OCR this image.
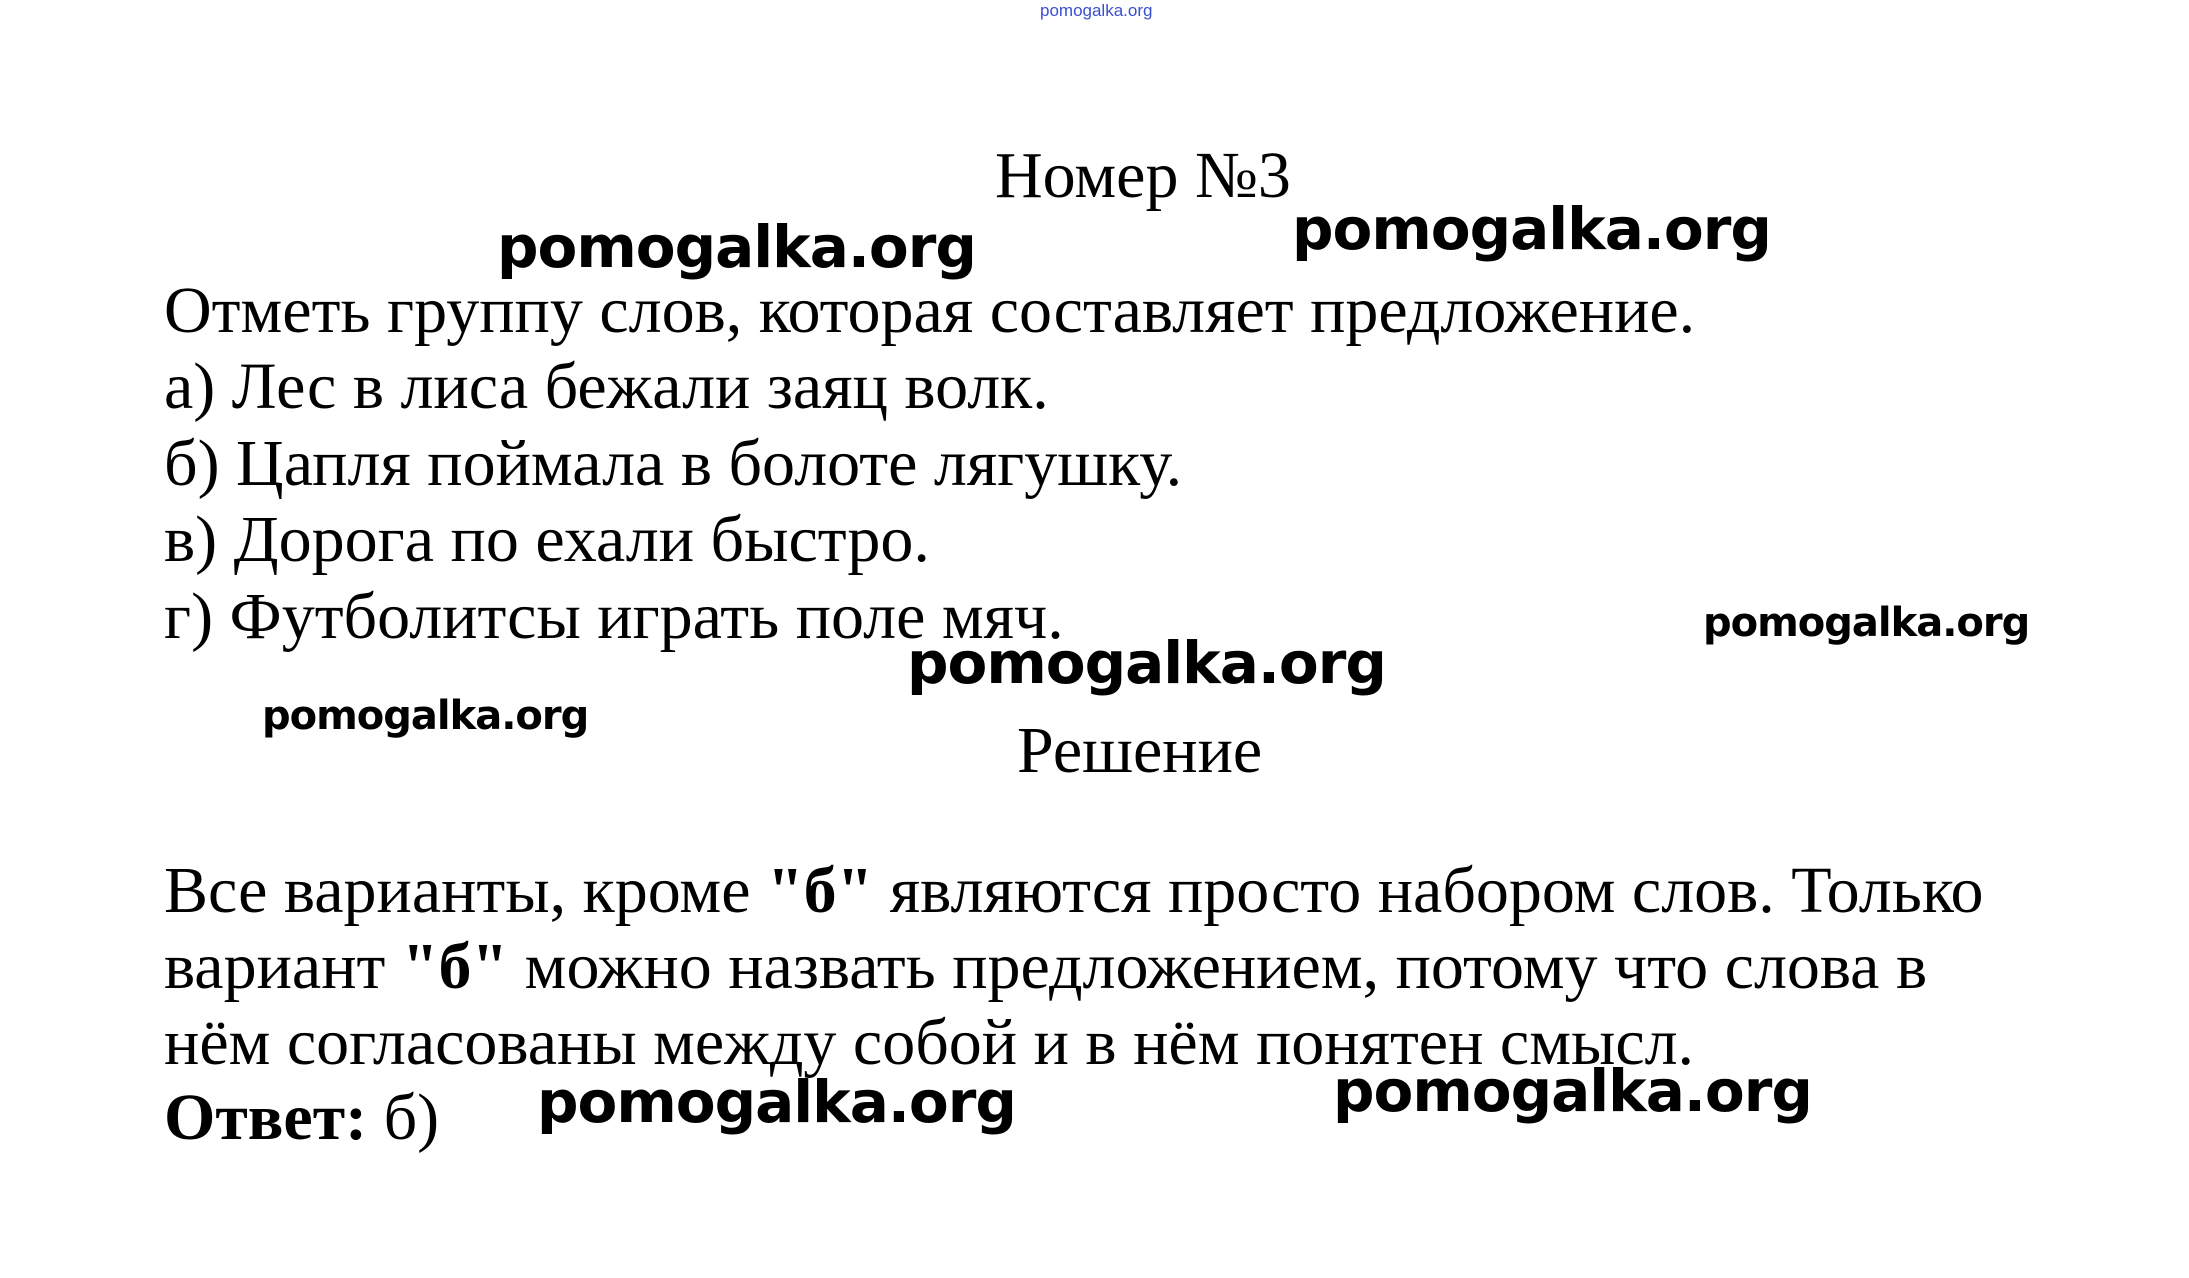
pomogalka.org
Номер №3
Отметь группу слов, которая составляет предложение.
а) Лес в лиса бежали заяц волк.
б) Цапля поймала в болоте лягушку.
в) Дорога по ехали быстро.
г) Футболитсы играть поле мяч.
Решение
Все варианты, кроме "б" являются просто набором слов. Только
вариант "б" можно назвать предложением, потому что слова в
нём согласованы между собой и в нём понятен смысл.
Ответ: б)
pomogalka.org	pomogalka.org
pomogalka.org
pomogalka.org
pomogalka.org
pomogalka.org
pomogalka.org
